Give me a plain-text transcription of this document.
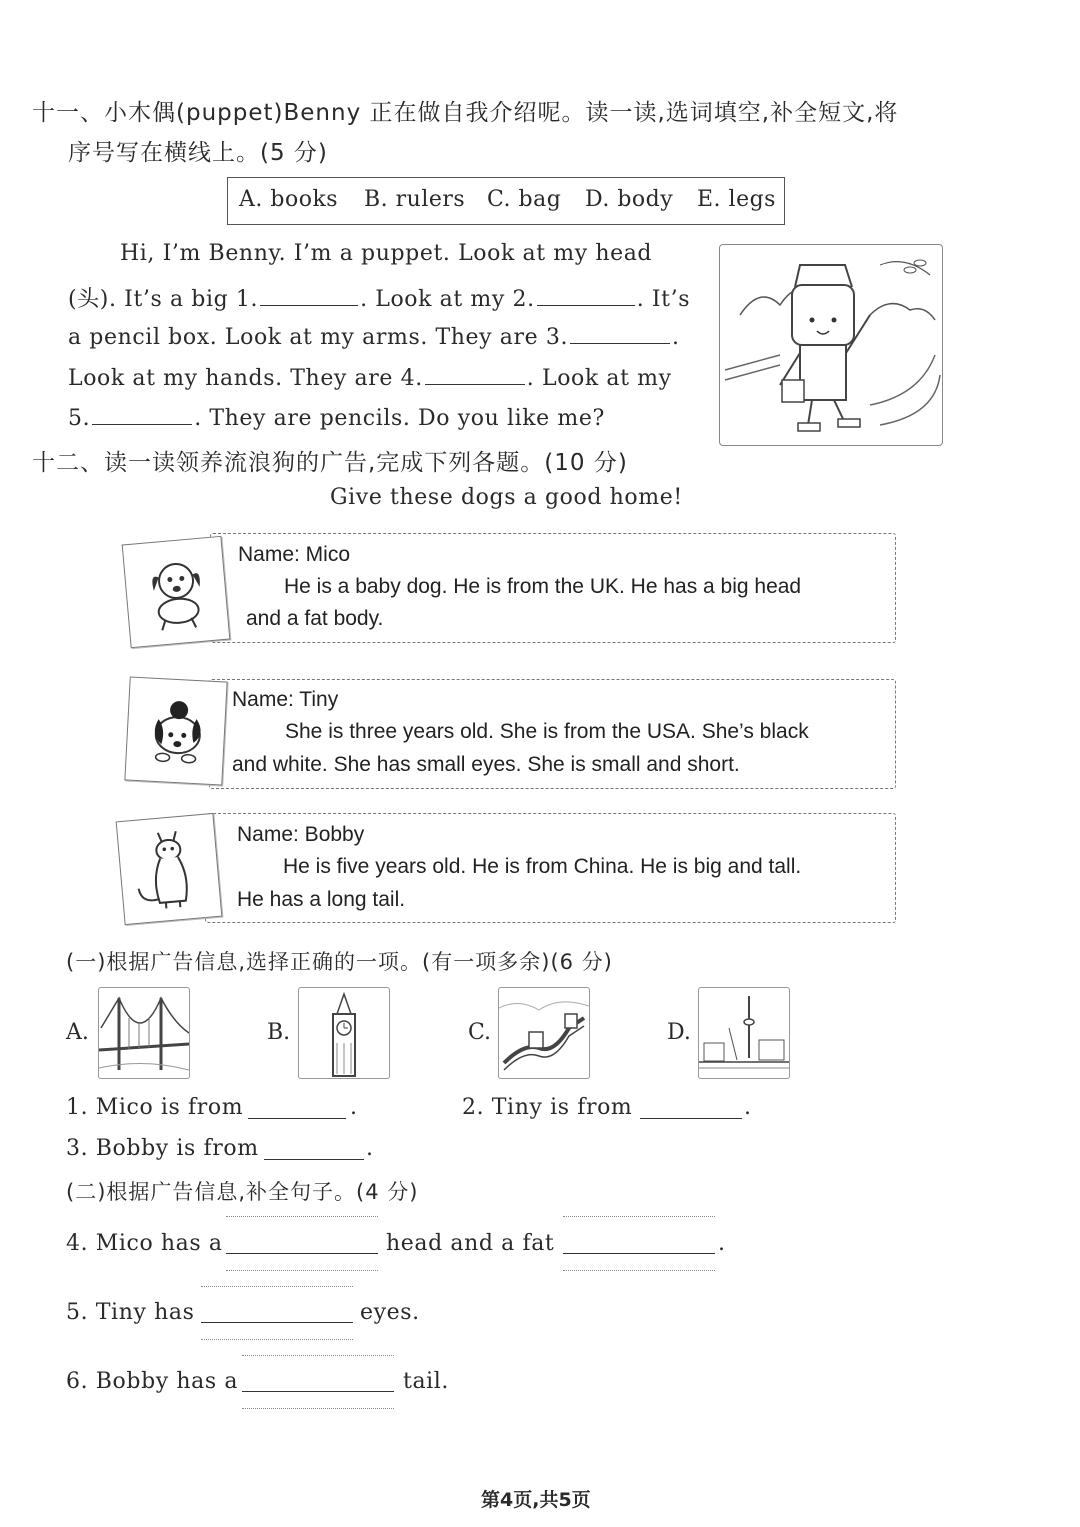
十一、小木偶(puppet)Benny 正在做自我介绍呢。读一读,选词填空,补全短文,将
序号写在横线上。(5 分)
A. books B. rulers C. bag D. body E. legs
Hi, I’m Benny. I’m a puppet. Look at my head
(头). It’s a big 1.	. Look at my 2.	. It’s
a pencil box. Look at my arms. They are 3.	.
Look at my hands. They are 4.	. Look at my
5.	. They are pencils. Do you like me?
十二、读一读领养流浪狗的广告,完成下列各题。(10 分)
Give these dogs a good home!
Name: Mico
He is a baby dog. He is from the UK. He has a big head
and a fat body.
Name: Tiny
She is three years old. She is from the USA. She’s black
and white. She has small eyes. She is small and short.
Name: Bobby
He is five years old. He is from China. He is big and tall.
He has a long tail.
(一)根据广告信息,选择正确的一项。(有一项多余)(6 分)
A.	B.	C.	D.
1. Mico is from	.	2. Tiny is from	.
3. Bobby is from	.
(二)根据广告信息,补全句子。(4 分)
4. Mico has a	head and a fat	.
5. Tiny has	eyes.
6. Bobby has a	tail.
第4页,共5页
